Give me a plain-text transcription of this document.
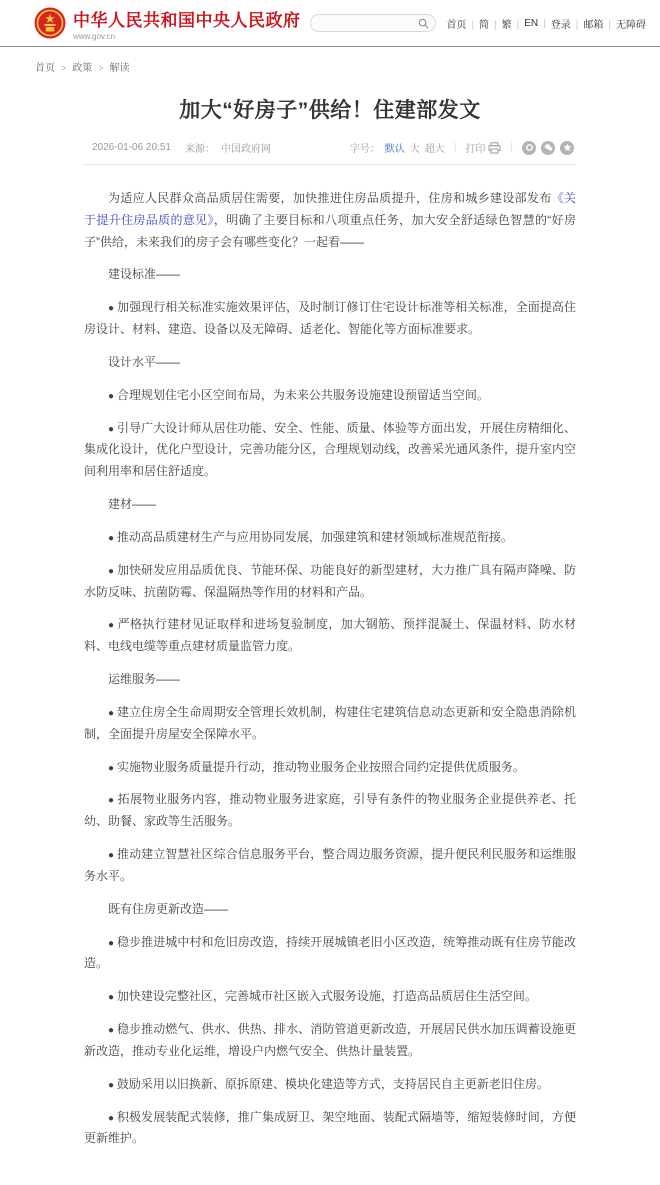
中华人民共和国中央人民政府
www.gov.cn
首页 |	简 |	繁 |	EN |	登录 |	邮箱 |	无障碍
首页 > 政策 > 解读
加大“好房子”供给！住建部发文
2026-01-06 20:51 来源： 中国政府网	字号： 默认 大 超大 | 打印
|

为适应人民群众高品质居住需要，加快推进住房品质提升，住房和城乡建设部发布《关于提升住房品质的意见》，明确了主要目标和八项重点任务，加大安全舒适绿色智慧的“好房子”供给，未来我们的房子会有哪些变化？一起看——

建设标准——

● 加强现行相关标准实施效果评估，及时制订修订住宅设计标准等相关标准，全面提高住房设计、材料、建造、设备以及无障碍、适老化、智能化等方面标准要求。

设计水平——

● 合理规划住宅小区空间布局，为未来公共服务设施建设预留适当空间。

● 引导广大设计师从居住功能、安全、性能、质量、体验等方面出发，开展住房精细化、集成化设计，优化户型设计，完善功能分区，合理规划动线，改善采光通风条件，提升室内空间利用率和居住舒适度。

建材——

● 推动高品质建材生产与应用协同发展，加强建筑和建材领域标准规范衔接。

● 加快研发应用品质优良、节能环保、功能良好的新型建材，大力推广具有隔声降噪、防水防反味、抗菌防霉、保温隔热等作用的材料和产品。

● 严格执行建材见证取样和进场复验制度，加大钢筋、预拌混凝土、保温材料、防水材料、电线电缆等重点建材质量监管力度。

运维服务——

● 建立住房全生命周期安全管理长效机制，构建住宅建筑信息动态更新和安全隐患消除机制，全面提升房屋安全保障水平。

● 实施物业服务质量提升行动，推动物业服务企业按照合同约定提供优质服务。

● 拓展物业服务内容，推动物业服务进家庭，引导有条件的物业服务企业提供养老、托幼、助餐、家政等生活服务。

● 推动建立智慧社区综合信息服务平台，整合周边服务资源，提升便民利民服务和运维服务水平。

既有住房更新改造——

● 稳步推进城中村和危旧房改造，持续开展城镇老旧小区改造，统筹推动既有住房节能改造。

● 加快建设完整社区，完善城市社区嵌入式服务设施，打造高品质居住生活空间。

● 稳步推动燃气、供水、供热、排水、消防管道更新改造，开展居民供水加压调蓄设施更新改造，推动专业化运维，增设户内燃气安全、供热计量装置。

● 鼓励采用以旧换新、原拆原建、模块化建造等方式，支持居民自主更新老旧住房。

● 积极发展装配式装修，推广集成厨卫、架空地面、装配式隔墙等，缩短装修时间，方便更新维护。
